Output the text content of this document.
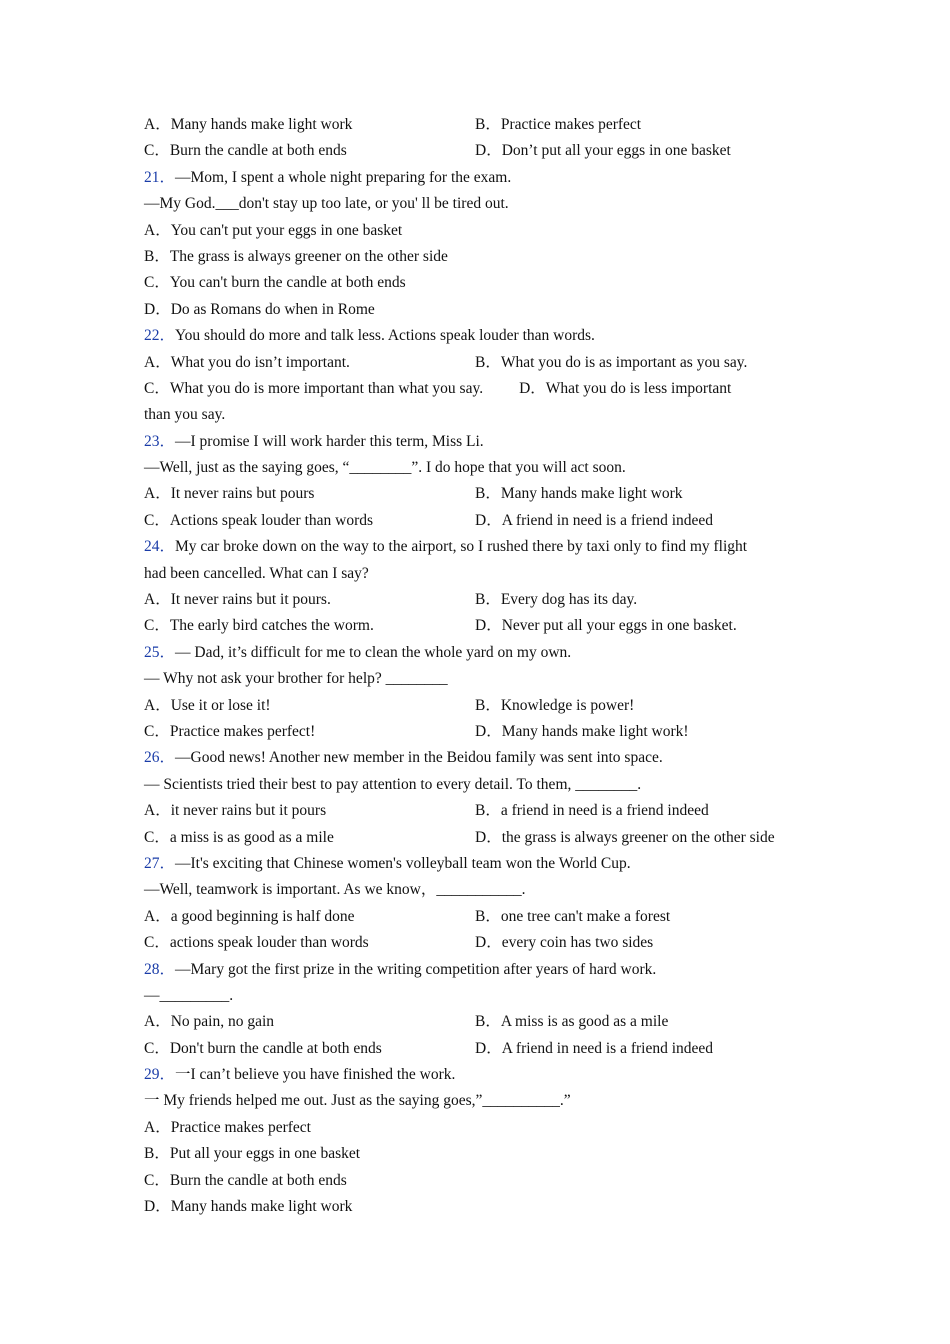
A．Many hands make light work	B．Practice makes perfect
C．Burn the candle at both ends	D．Don’t put all your eggs in one basket
21．—Mom, I spent a whole night preparing for the exam.
—My God.___don't stay up too late, or you' ll be tired out.
A．You can't put your eggs in one basket
B．The grass is always greener on the other side
C．You can't burn the candle at both ends
D．Do as Romans do when in Rome
22．You should do more and talk less. Actions speak louder than words.
A．What you do isn’t important.	B．What you do is as important as you say.
C．What you do is more important than what you say. D．What you do is less important
than you say.
23．—I promise I will work harder this term, Miss Li.
—Well, just as the saying goes, “________”. I do hope that you will act soon.
A．It never rains but pours	B．Many hands make light work
C．Actions speak louder than words	D．A friend in need is a friend indeed
24．My car broke down on the way to the airport, so I rushed there by taxi only to find my flight
had been cancelled. What can I say?
A．It never rains but it pours.	B．Every dog has its day.
C．The early bird catches the worm.	D．Never put all your eggs in one basket.
25．— Dad, it’s difficult for me to clean the whole yard on my own.
— Why not ask your brother for help? ________
A．Use it or lose it!	B．Knowledge is power!
C．Practice makes perfect!	D．Many hands make light work!
26．—Good news! Another new member in the Beidou family was sent into space.
— Scientists tried their best to pay attention to every detail. To them, ________.
A．it never rains but it pours	B．a friend in need is a friend indeed
C．a miss is as good as a mile	D．the grass is always greener on the other side
27．—It's exciting that Chinese women's volleyball team won the World Cup.
—Well, teamwork is important. As we know，___________.
A．a good beginning is half done	B．one tree can't make a forest
C．actions speak louder than words	D．every coin has two sides
28．—Mary got the first prize in the writing competition after years of hard work.
—_________.
A．No pain, no gain	B．A miss is as good as a mile
C．Don't burn the candle at both ends	D．A friend in need is a friend indeed
29．一I can’t believe you have finished the work.
一 My friends helped me out. Just as the saying goes,”__________.”
A．Practice makes perfect
B．Put all your eggs in one basket
C．Burn the candle at both ends
D．Many hands make light work
